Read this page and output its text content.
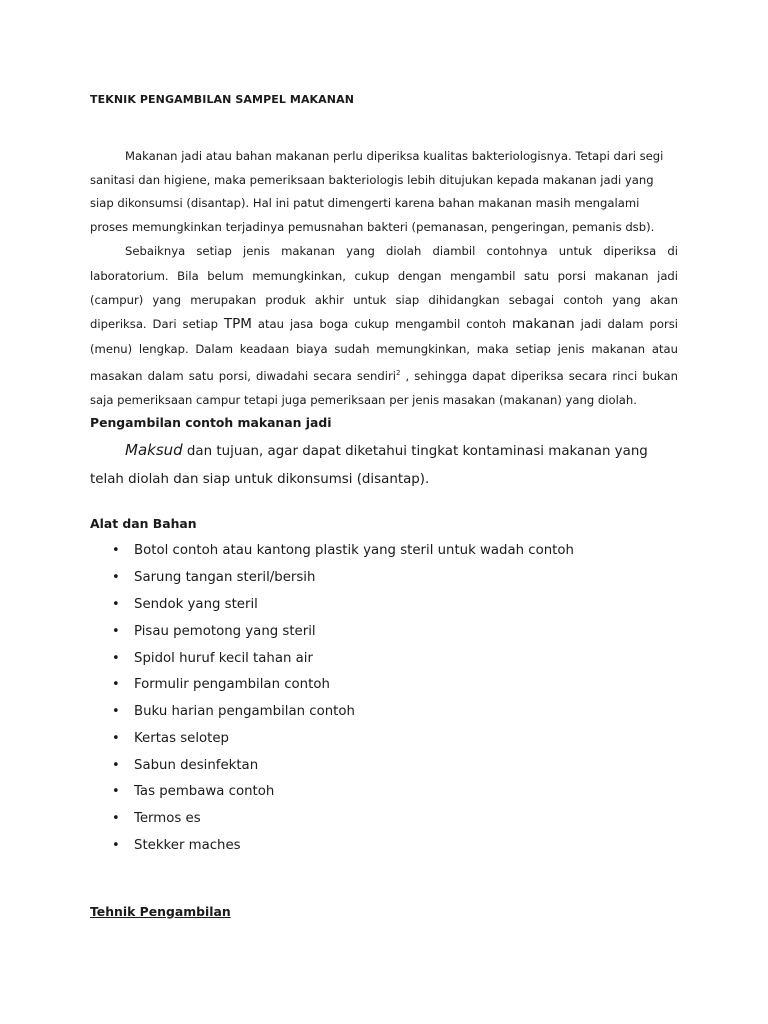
TEKNIK PENGAMBILAN SAMPEL MAKANAN

Makanan jadi atau bahan makanan perlu diperiksa kualitas bakteriologisnya. Tetapi dari segi sanitasi dan higiene, maka pemeriksaan bakteriologis lebih ditujukan kepada makanan jadi yang siap dikonsumsi (disantap). Hal ini patut dimengerti karena bahan makanan masih mengalami proses memungkinkan terjadinya pemusnahan bakteri (pemanasan, pengeringan, pemanis dsb).

Sebaiknya setiap jenis makanan yang diolah diambil contohnya untuk diperiksa di laboratorium. Bila belum memungkinkan, cukup dengan mengambil satu porsi makanan jadi (campur) yang merupakan produk akhir untuk siap dihidangkan sebagai contoh yang akan diperiksa. Dari setiap TPM atau jasa boga cukup mengambil contoh makanan jadi dalam porsi (menu) lengkap. Dalam keadaan biaya sudah memungkinkan, maka setiap jenis makanan atau masakan dalam satu porsi, diwadahi secara sendiri$^2$ , sehingga dapat diperiksa secara rinci bukan saja pemeriksaan campur tetapi juga pemeriksaan per jenis masakan (makanan) yang diolah.

Pengambilan contoh makanan jadi

Maksud dan tujuan, agar dapat diketahui tingkat kontaminasi makanan yang telah diolah dan siap untuk dikonsumsi (disantap).

Alat dan Bahan
• Botol contoh atau kantong plastik yang steril untuk wadah contoh
• Sarung tangan steril/bersih
• Sendok yang steril
• Pisau pemotong yang steril
• Spidol huruf kecil tahan air
• Formulir pengambilan contoh
• Buku harian pengambilan contoh
• Kertas selotep
• Sabun desinfektan
• Tas pembawa contoh
• Termos es
• Stekker maches
Tehnik Pengambilan
